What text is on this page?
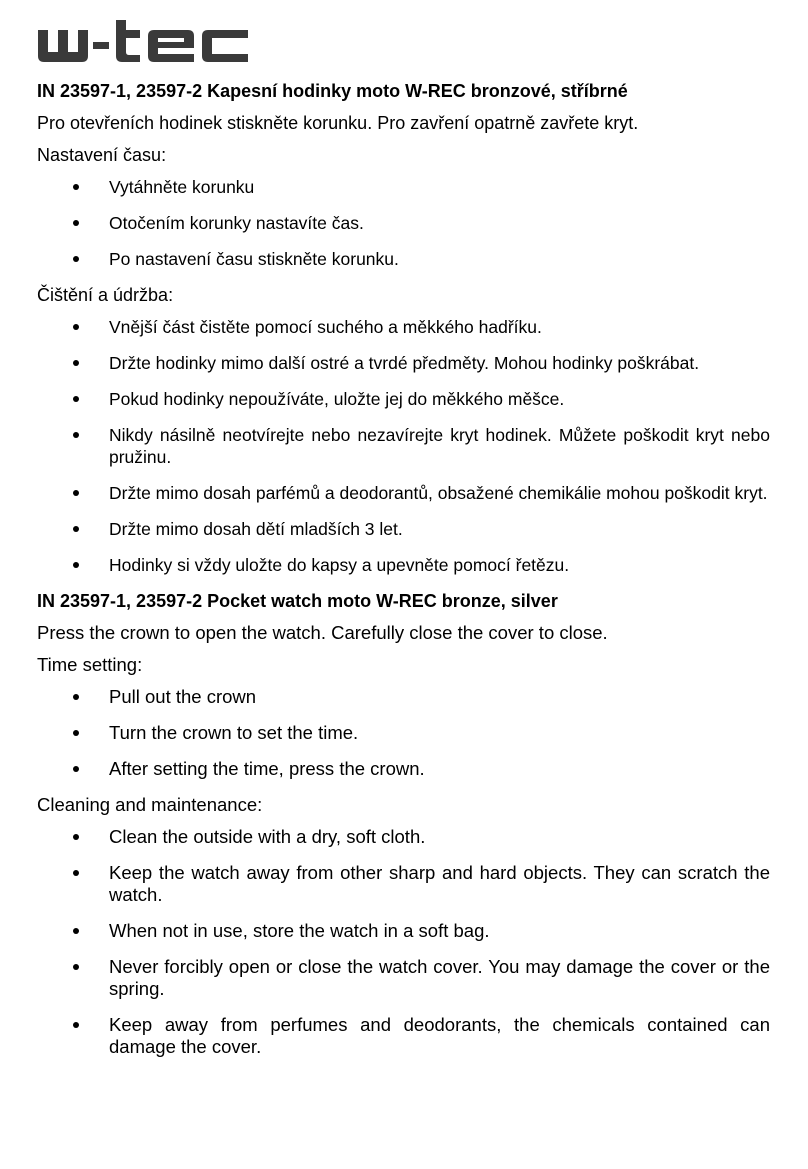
IN 23597-1, 23597-2 Kapesní hodinky moto W-REC bronzové, stříbrné

Pro otevřeních hodinek stiskněte korunku. Pro zavření opatrně zavřete kryt.

Nastavení času:

Vytáhněte korunku
Otočením korunky nastavíte čas.
Po nastavení času stiskněte korunku.

Čištění a údržba:

Vnější část čistěte pomocí suchého a měkkého hadříku.
Držte hodinky mimo další ostré a tvrdé předměty. Mohou hodinky poškrábat.
Pokud hodinky nepoužíváte, uložte jej do měkkého měšce.
Nikdy násilně neotvírejte nebo nezavírejte kryt hodinek. Můžete poškodit kryt nebo pružinu.
Držte mimo dosah parfémů a deodorantů, obsažené chemikálie mohou poškodit kryt.
Držte mimo dosah dětí mladších 3 let.
Hodinky si vždy uložte do kapsy a upevněte pomocí řetězu.

IN 23597-1, 23597-2 Pocket watch moto W-REC bronze, silver

Press the crown to open the watch. Carefully close the cover to close.

Time setting:

Pull out the crown
Turn the crown to set the time.
After setting the time, press the crown.

Cleaning and maintenance:

Clean the outside with a dry, soft cloth.
Keep the watch away from other sharp and hard objects. They can scratch the watch.
When not in use, store the watch in a soft bag.
Never forcibly open or close the watch cover. You may damage the cover or the spring.
Keep away from perfumes and deodorants, the chemicals contained can damage the cover.
